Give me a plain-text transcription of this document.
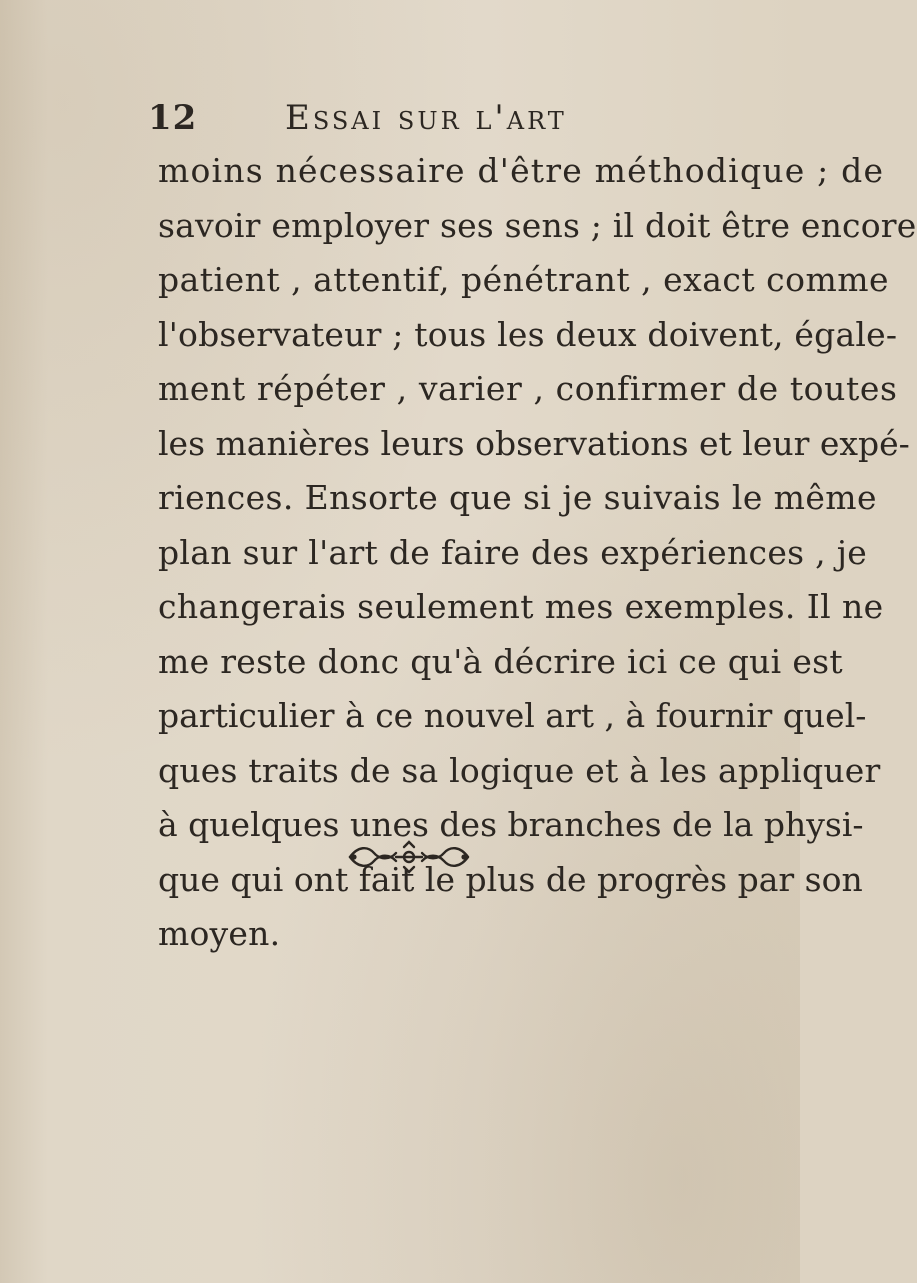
12	Essai sur l'art
moins nécessaire d'être méthodique ; de
savoir employer ses sens ; il doit être encore
patient , attentif, pénétrant , exact comme
l'observateur ; tous les deux doivent, égale-
ment répéter , varier , confirmer de toutes
les manières leurs observations et leur expé-
riences. Ensorte que si je suivais le même
plan sur l'art de faire des expériences , je
changerais seulement mes exemples. Il ne
me reste donc qu'à décrire ici ce qui est
particulier à ce nouvel art , à fournir quel-
ques traits de sa logique et à les appliquer
à quelques unes des branches de la physi-
que qui ont fait le plus de progrès par son
moyen.
